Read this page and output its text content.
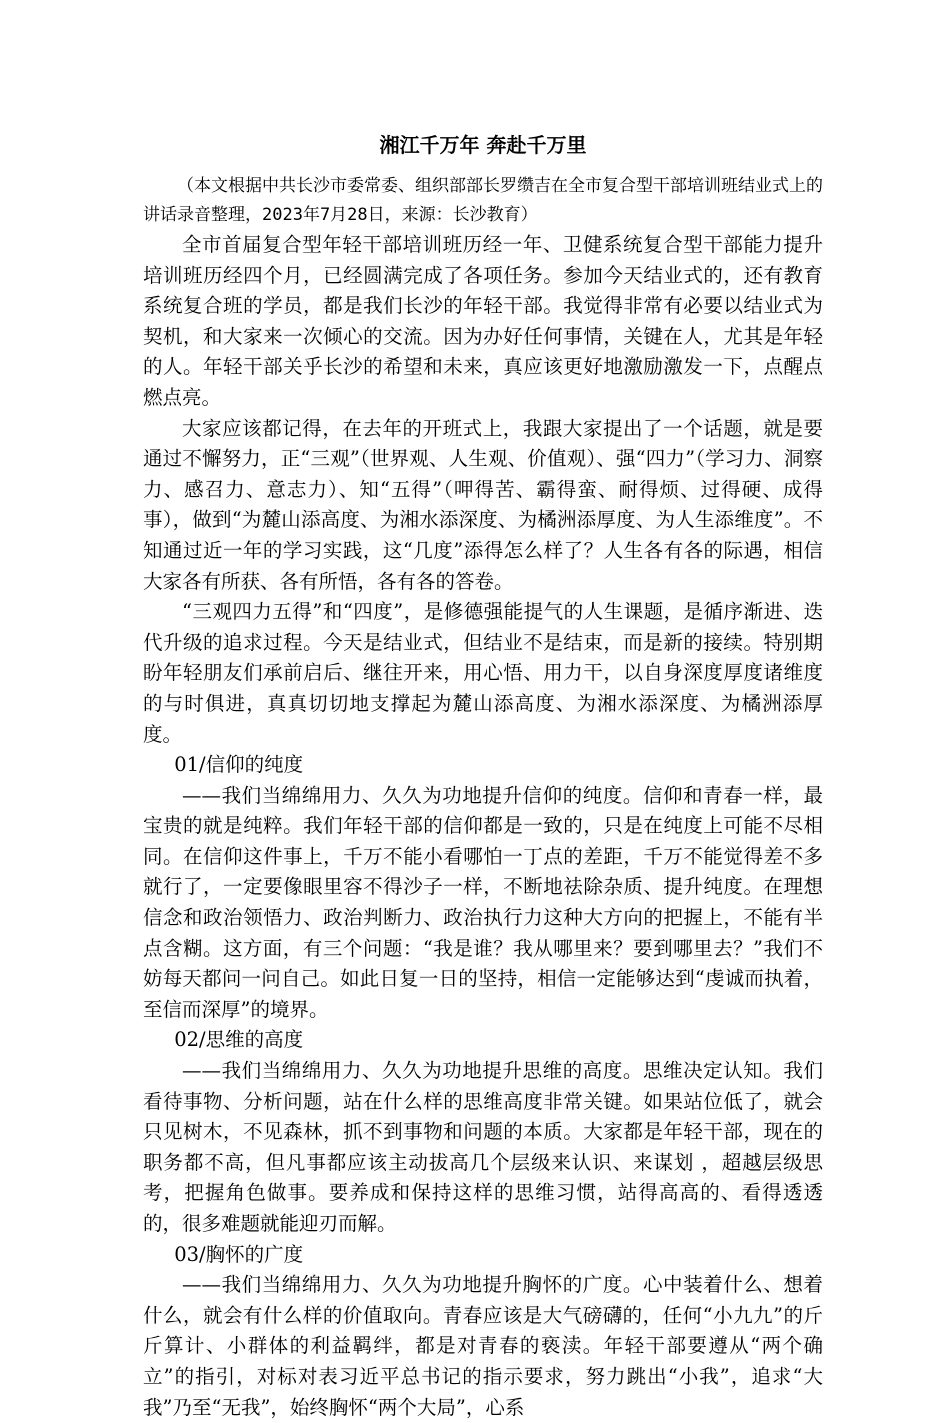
湘江千万年 奔赴千万里

（本文根据中共长沙市委常委、组织部部长罗缵吉在全市复合型干部培训班结业式上的讲话录音整理，2023年7月28日，来源：长沙教育）

全市首届复合型年轻干部培训班历经一年、卫健系统复合型干部能力提升培训班历经四个月，已经圆满完成了各项任务。参加今天结业式的，还有教育系统复合班的学员，都是我们长沙的年轻干部。我觉得非常有必要以结业式为契机，和大家来一次倾心的交流。因为办好任何事情，关键在人，尤其是年轻的人。年轻干部关乎长沙的希望和未来，真应该更好地激励激发一下，点醒点燃点亮。

大家应该都记得，在去年的开班式上，我跟大家提出了一个话题，就是要通过不懈努力，正“三观”（世界观、人生观、价值观）、强“四力”（学习力、洞察力、感召力、意志力）、知“五得”（呷得苦、霸得蛮、耐得烦、过得硬、成得事），做到“为麓山添高度、为湘水添深度、为橘洲添厚度、为人生添维度”。不知通过近一年的学习实践，这“几度”添得怎么样了？人生各有各的际遇，相信大家各有所获、各有所悟，各有各的答卷。

“三观四力五得”和“四度”，是修德强能提气的人生课题，是循序渐进、迭代升级的追求过程。今天是结业式，但结业不是结束，而是新的接续。特别期盼年轻朋友们承前启后、继往开来，用心悟、用力干，以自身深度厚度诸维度的与时俱进，真真切切地支撑起为麓山添高度、为湘水添深度、为橘洲添厚度。

01/信仰的纯度

——我们当绵绵用力、久久为功地提升信仰的纯度。信仰和青春一样，最宝贵的就是纯粹。我们年轻干部的信仰都是一致的，只是在纯度上可能不尽相同。在信仰这件事上，千万不能小看哪怕一丁点的差距，千万不能觉得差不多就行了，一定要像眼里容不得沙子一样，不断地祛除杂质、提升纯度。在理想信念和政治领悟力、政治判断力、政治执行力这种大方向的把握上，不能有半点含糊。这方面，有三个问题：“我是谁？我从哪里来？要到哪里去？”我们不妨每天都问一问自己。如此日复一日的坚持，相信一定能够达到“虔诚而执着，至信而深厚”的境界。

02/思维的高度

——我们当绵绵用力、久久为功地提升思维的高度。思维决定认知。我们看待事物、分析问题，站在什么样的思维高度非常关键。如果站位低了，就会只见树木，不见森林，抓不到事物和问题的本质。大家都是年轻干部，现在的职务都不高，但凡事都应该主动拔高几个层级来认识、来谋划 ，超越层级思考，把握角色做事。要养成和保持这样的思维习惯，站得高高的、看得透透的，很多难题就能迎刃而解。

03/胸怀的广度

——我们当绵绵用力、久久为功地提升胸怀的广度。心中装着什么、想着什么，就会有什么样的价值取向。青春应该是大气磅礴的，任何“小九九”的斤斤算计、小群体的利益羁绊，都是对青春的亵渎。年轻干部要遵从“两个确立”的指引，对标对表习近平总书记的指示要求，努力跳出“小我”，追求“大我”乃至“无我”，始终胸怀“两个大局”，心系
